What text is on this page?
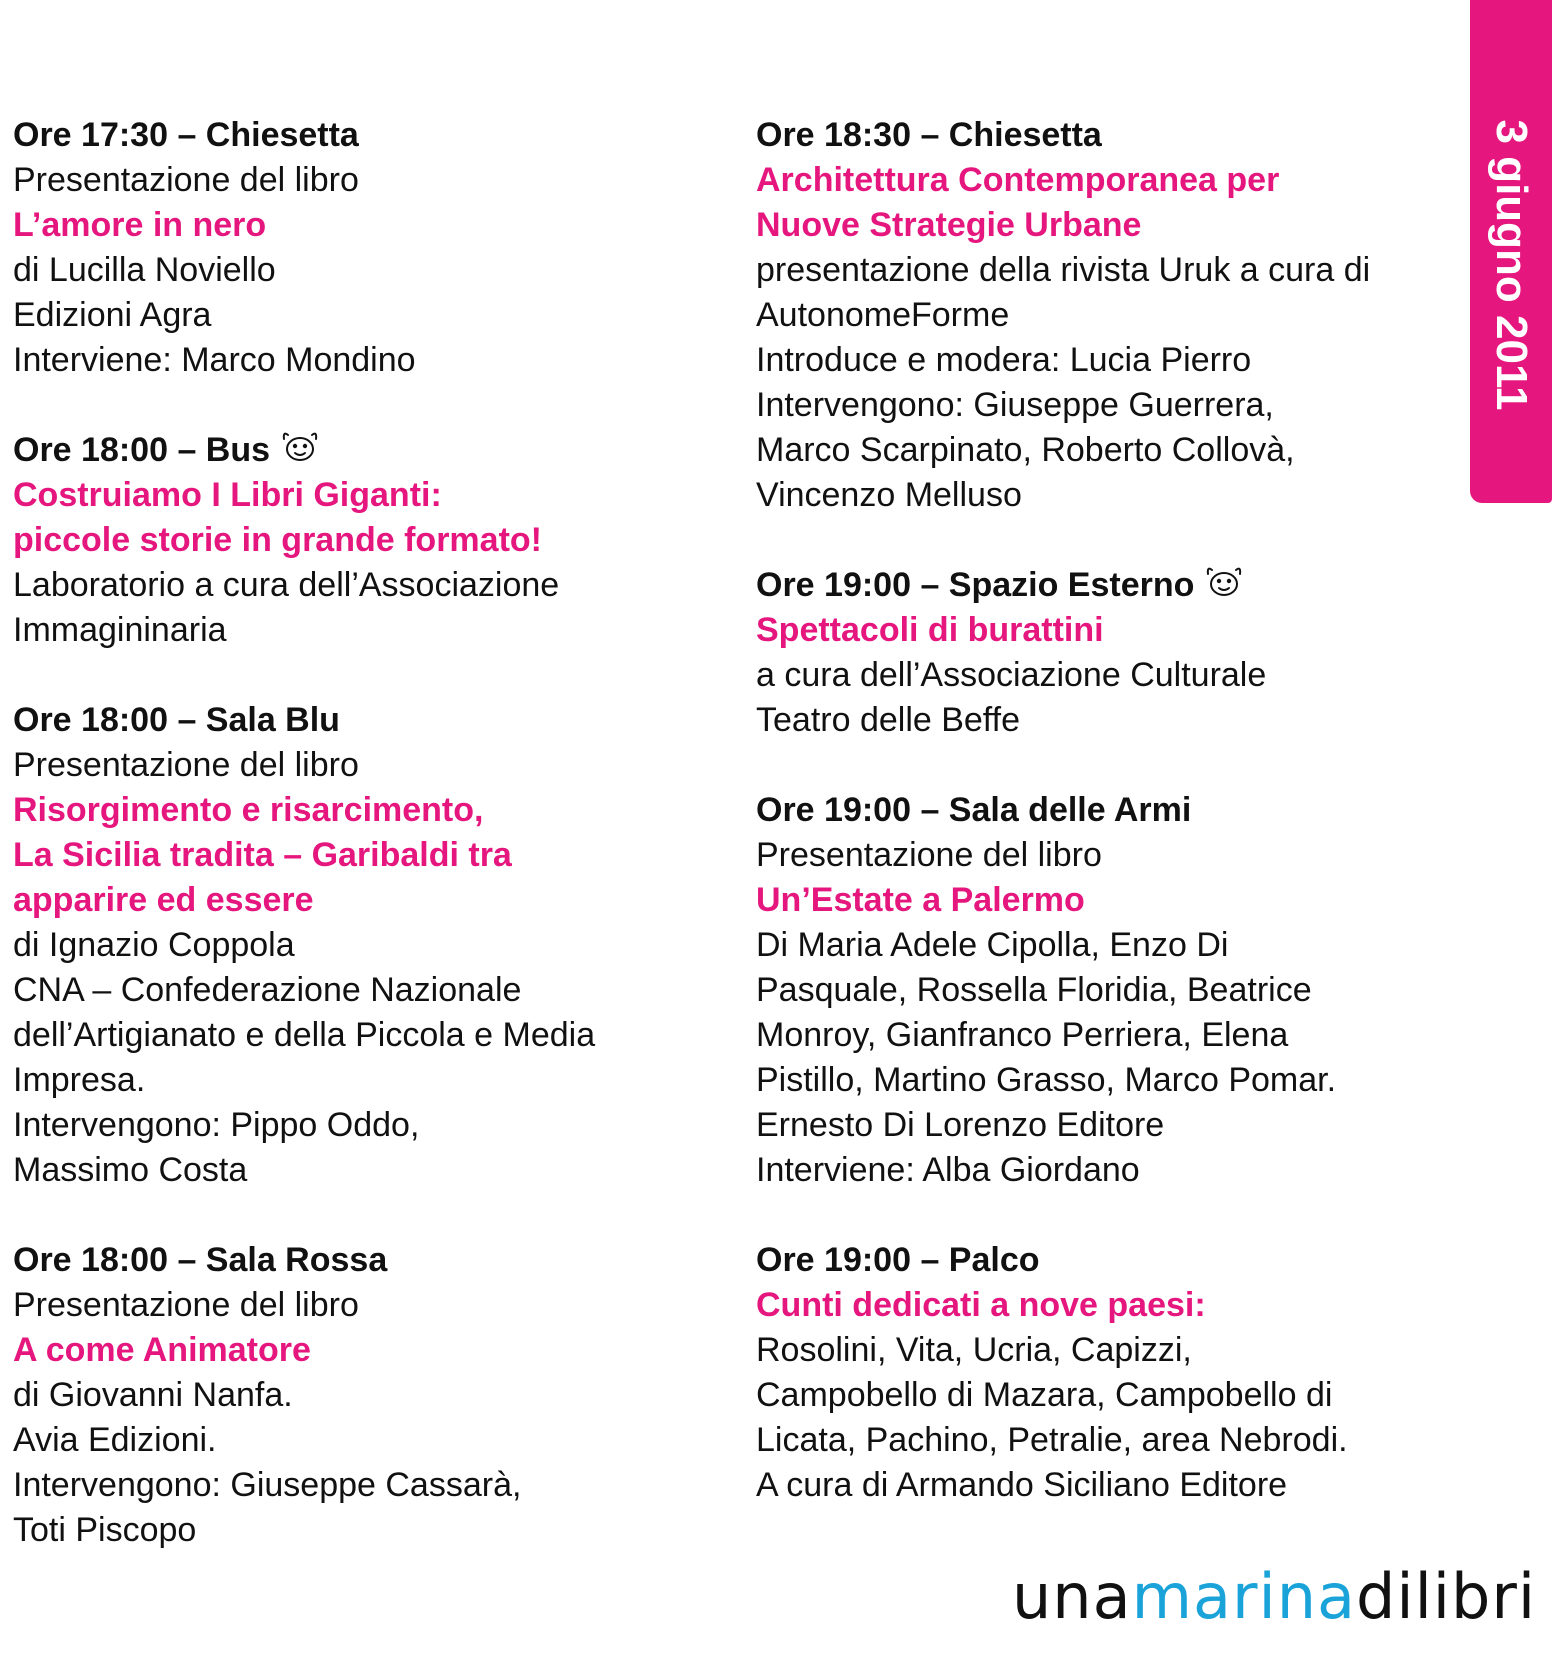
Ore 17:30 – Chiesetta
Presentazione del libro
L’amore in nero
di Lucilla Noviello
Edizioni Agra
Interviene: Marco Mondino
Ore 18:00 – Bus
Costruiamo I Libri Giganti:
piccole storie in grande formato!
Laboratorio a cura dell’Associazione
Immagininaria
Ore 18:00 – Sala Blu
Presentazione del libro
Risorgimento e risarcimento,
La Sicilia tradita – Garibaldi tra
apparire ed essere
di Ignazio Coppola
CNA – Confederazione Nazionale
dell’Artigianato e della Piccola e Media
Impresa.
Intervengono: Pippo Oddo,
Massimo Costa
Ore 18:00 – Sala Rossa
Presentazione del libro
A come Animatore
di Giovanni Nanfa.
Avia Edizioni.
Intervengono: Giuseppe Cassarà,
Toti Piscopo
Ore 18:30 – Chiesetta
Architettura Contemporanea per
Nuove Strategie Urbane
presentazione della rivista Uruk a cura di
AutonomeForme
Introduce e modera: Lucia Pierro
Intervengono: Giuseppe Guerrera,
Marco Scarpinato, Roberto Collovà,
Vincenzo Melluso
Ore 19:00 – Spazio Esterno
Spettacoli di burattini
a cura dell’Associazione Culturale
Teatro delle Beffe
Ore 19:00 – Sala delle Armi
Presentazione del libro
Un’Estate a Palermo
Di Maria Adele Cipolla, Enzo Di
Pasquale, Rossella Floridia, Beatrice
Monroy, Gianfranco Perriera, Elena
Pistillo, Martino Grasso, Marco Pomar.
Ernesto Di Lorenzo Editore
Interviene: Alba Giordano
Ore 19:00 – Palco
Cunti dedicati a nove paesi:
Rosolini, Vita, Ucria, Capizzi,
Campobello di Mazara, Campobello di
Licata, Pachino, Petralie, area Nebrodi.
A cura di Armando Siciliano Editore
3 giugno 2011
unamarinadilibri
